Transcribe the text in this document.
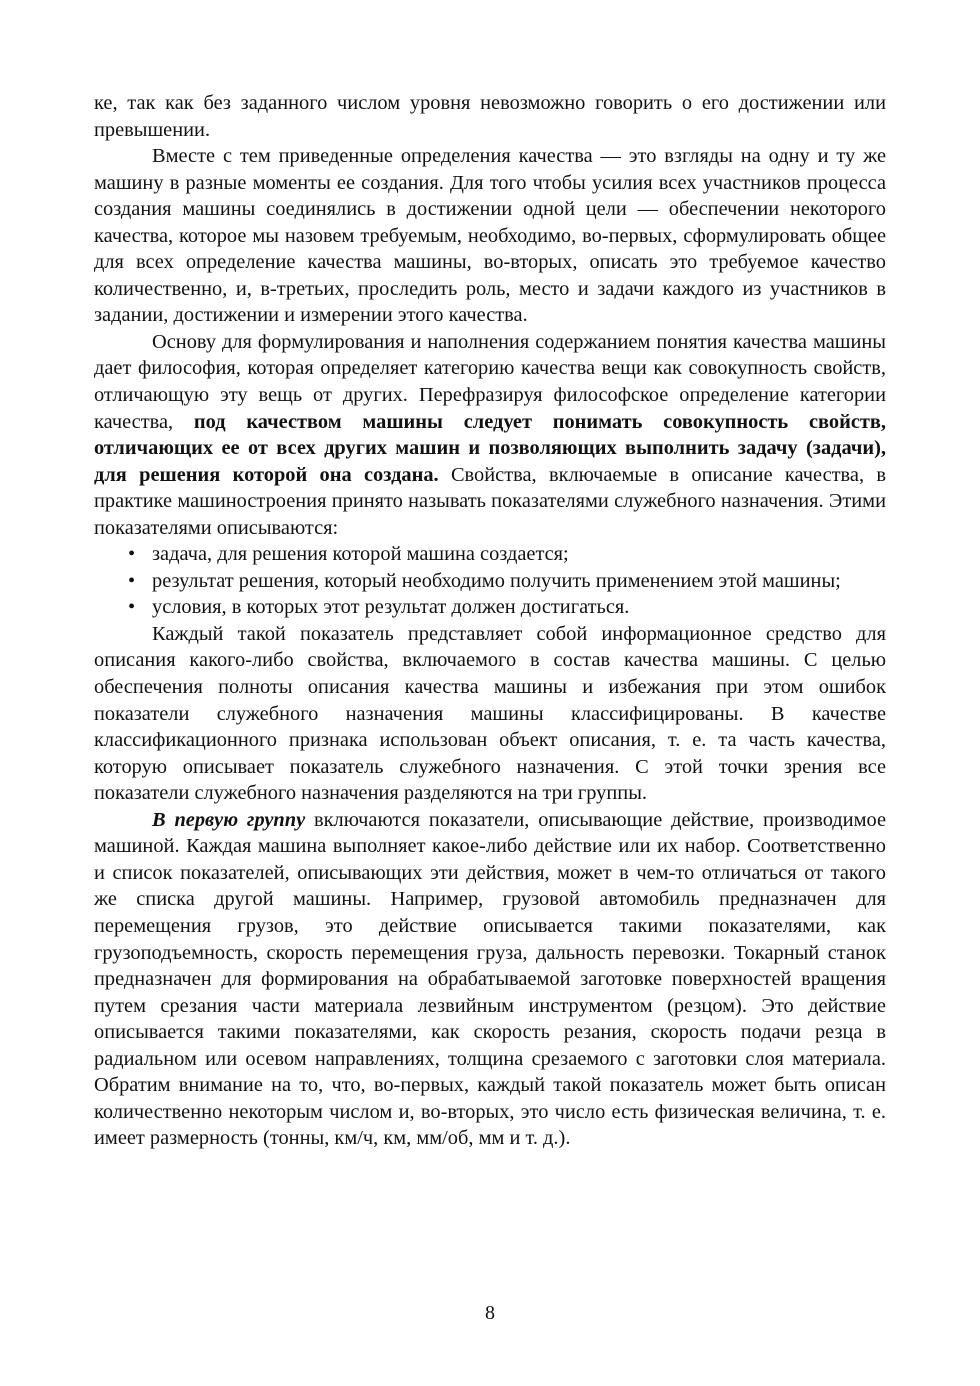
ке, так как без заданного числом уровня невозможно говорить о его достижении или превышении.

Вместе с тем приведенные определения качества — это взгляды на одну и ту же машину в разные моменты ее создания. Для того чтобы усилия всех участников процесса создания машины соединялись в достижении одной цели — обеспечении некоторого качества, которое мы назовем требуемым, необходимо, во-первых, сформулировать общее для всех определение качества машины, во-вторых, описать это требуемое качество количественно, и, в-третьих, проследить роль, место и задачи каждого из участников в задании, достижении и измерении этого качества.

Основу для формулирования и наполнения содержанием понятия качества машины дает философия, которая определяет категорию качества вещи как совокупность свойств, отличающую эту вещь от других. Перефразируя философское определение категории качества, под качеством машины следует понимать совокупность свойств, отличающих ее от всех других машин и позволяющих выполнить задачу (задачи), для решения которой она создана. Свойства, включаемые в описание качества, в практике машиностроения принято называть показателями служебного назначения. Этими показателями описываются:

• задача, для решения которой машина создается;
• результат решения, который необходимо получить применением этой машины;
• условия, в которых этот результат должен достигаться.

Каждый такой показатель представляет собой информационное средство для описания какого-либо свойства, включаемого в состав качества машины. С целью обеспечения полноты описания качества машины и избежания при этом ошибок показатели служебного назначения машины классифицированы. В качестве классификационного признака использован объект описания, т. е. та часть качества, которую описывает показатель служебного назначения. С этой точки зрения все показатели служебного назначения разделяются на три группы.

В первую группу включаются показатели, описывающие действие, производимое машиной. Каждая машина выполняет какое-либо действие или их набор. Соответственно и список показателей, описывающих эти действия, может в чем-то отличаться от такого же списка другой машины. Например, грузовой автомобиль предназначен для перемещения грузов, это действие описывается такими показателями, как грузоподъемность, скорость перемещения груза, дальность перевозки. Токарный станок предназначен для формирования на обрабатываемой заготовке поверхностей вращения путем срезания части материала лезвийным инструментом (резцом). Это действие описывается такими показателями, как скорость резания, скорость подачи резца в радиальном или осевом направлениях, толщина срезаемого с заготовки слоя материала. Обратим внимание на то, что, во-первых, каждый такой показатель может быть описан количественно некоторым числом и, во-вторых, это число есть физическая величина, т. е. имеет размерность (тонны, км/ч, км, мм/об, мм и т. д.).

8
